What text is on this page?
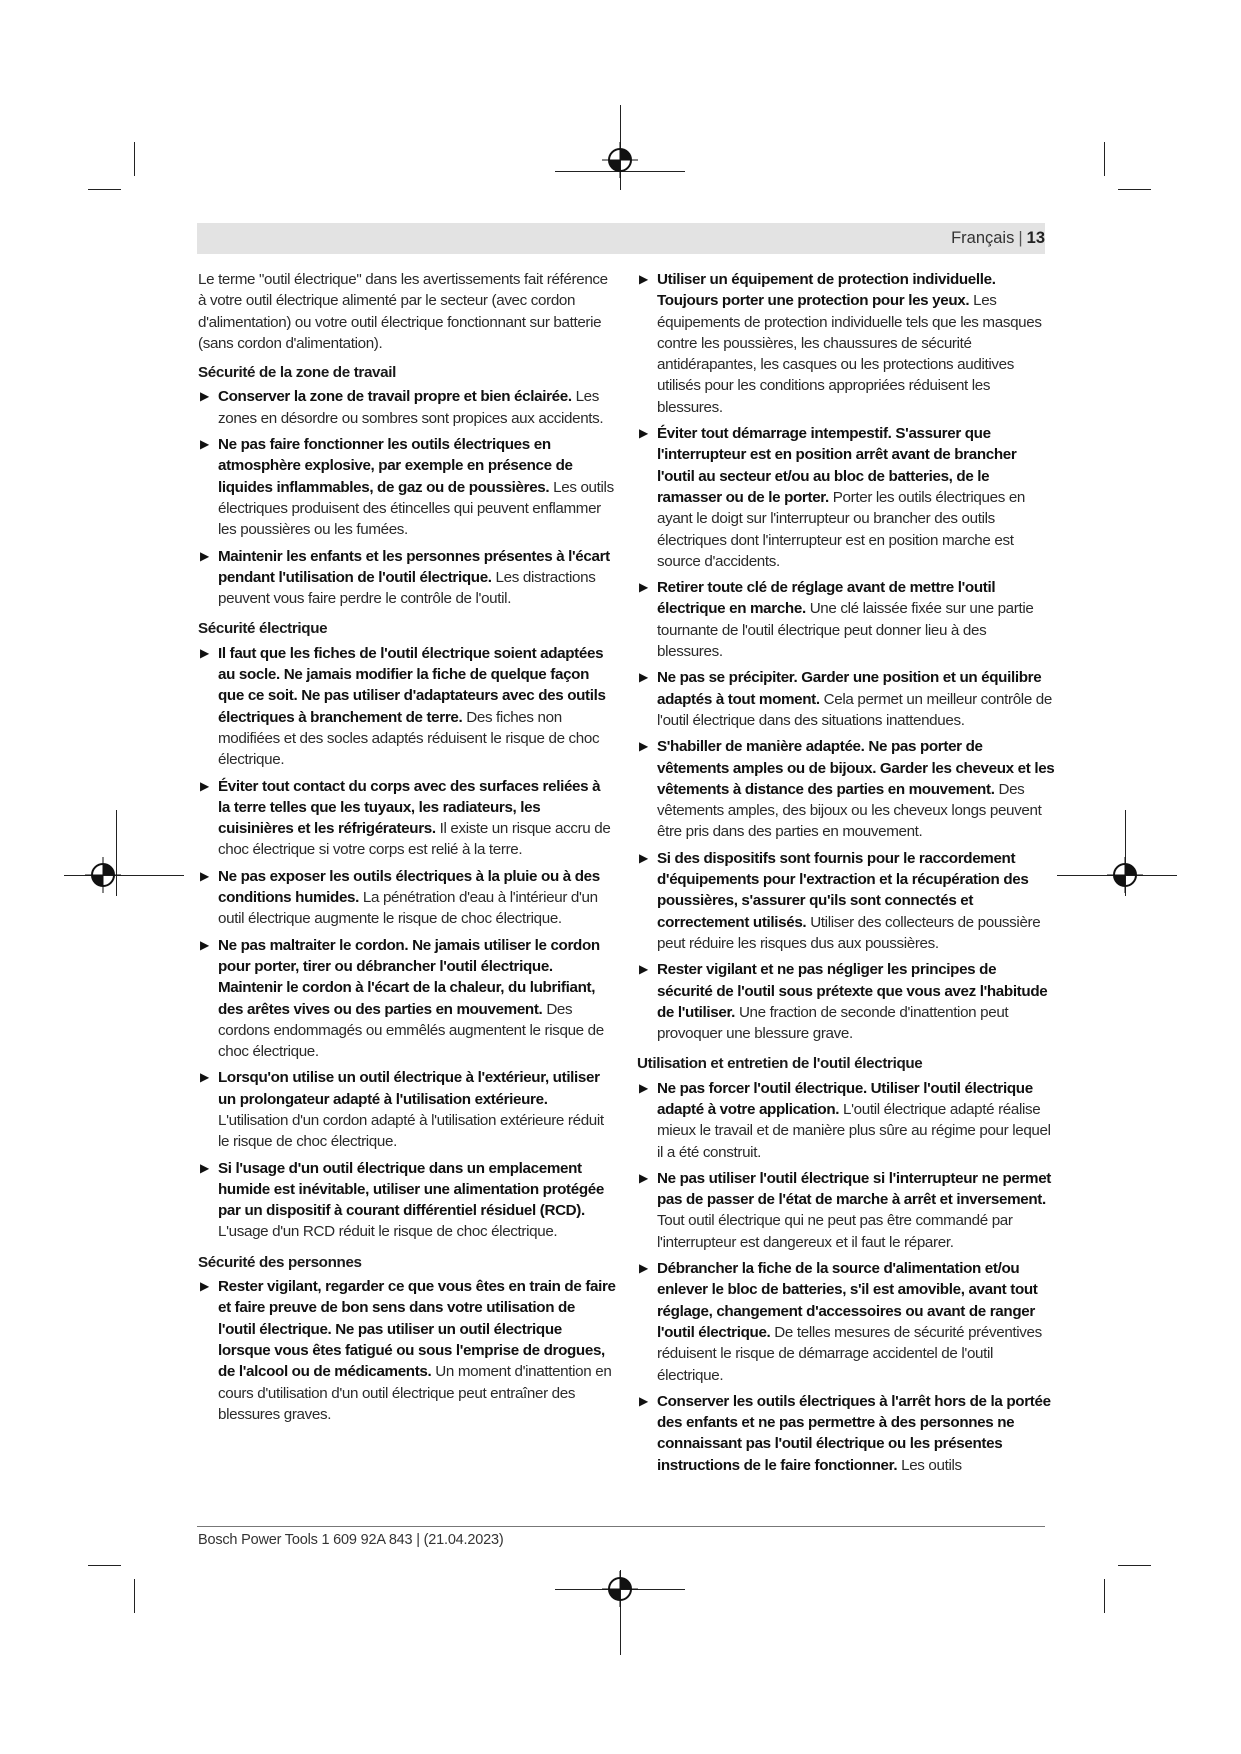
Français | 13

Le terme "outil électrique" dans les avertissements fait référence à votre outil électrique alimenté par le secteur (avec cordon d'alimentation) ou votre outil électrique fonctionnant sur batterie (sans cordon d'alimentation).

Sécurité de la zone de travail

▶ Conserver la zone de travail propre et bien éclairée. Les zones en désordre ou sombres sont propices aux accidents.

▶ Ne pas faire fonctionner les outils électriques en atmosphère explosive, par exemple en présence de liquides inflammables, de gaz ou de poussières. Les outils électriques produisent des étincelles qui peuvent enflammer les poussières ou les fumées.

▶ Maintenir les enfants et les personnes présentes à l'écart pendant l'utilisation de l'outil électrique. Les distractions peuvent vous faire perdre le contrôle de l'outil.

Sécurité électrique

▶ Il faut que les fiches de l'outil électrique soient adaptées au socle. Ne jamais modifier la fiche de quelque façon que ce soit. Ne pas utiliser d'adaptateurs avec des outils électriques à branchement de terre. Des fiches non modifiées et des socles adaptés réduisent le risque de choc électrique.

▶ Éviter tout contact du corps avec des surfaces reliées à la terre telles que les tuyaux, les radiateurs, les cuisinières et les réfrigérateurs. Il existe un risque accru de choc électrique si votre corps est relié à la terre.

▶ Ne pas exposer les outils électriques à la pluie ou à des conditions humides. La pénétration d'eau à l'intérieur d'un outil électrique augmente le risque de choc électrique.

▶ Ne pas maltraiter le cordon. Ne jamais utiliser le cordon pour porter, tirer ou débrancher l'outil électrique. Maintenir le cordon à l'écart de la chaleur, du lubrifiant, des arêtes vives ou des parties en mouvement. Des cordons endommagés ou emmêlés augmentent le risque de choc électrique.

▶ Lorsqu'on utilise un outil électrique à l'extérieur, utiliser un prolongateur adapté à l'utilisation extérieure. L'utilisation d'un cordon adapté à l'utilisation extérieure réduit le risque de choc électrique.

▶ Si l'usage d'un outil électrique dans un emplacement humide est inévitable, utiliser une alimentation protégée par un dispositif à courant différentiel résiduel (RCD). L'usage d'un RCD réduit le risque de choc électrique.

Sécurité des personnes

▶ Rester vigilant, regarder ce que vous êtes en train de faire et faire preuve de bon sens dans votre utilisation de l'outil électrique. Ne pas utiliser un outil électrique lorsque vous êtes fatigué ou sous l'emprise de drogues, de l'alcool ou de médicaments. Un moment d'inattention en cours d'utilisation d'un outil électrique peut entraîner des blessures graves.

▶ Utiliser un équipement de protection individuelle. Toujours porter une protection pour les yeux. Les équipements de protection individuelle tels que les masques contre les poussières, les chaussures de sécurité antidérapantes, les casques ou les protections auditives utilisés pour les conditions appropriées réduisent les blessures.

▶ Éviter tout démarrage intempestif. S'assurer que l'interrupteur est en position arrêt avant de brancher l'outil au secteur et/ou au bloc de batteries, de le ramasser ou de le porter. Porter les outils électriques en ayant le doigt sur l'interrupteur ou brancher des outils électriques dont l'interrupteur est en position marche est source d'accidents.

▶ Retirer toute clé de réglage avant de mettre l'outil électrique en marche. Une clé laissée fixée sur une partie tournante de l'outil électrique peut donner lieu à des blessures.

▶ Ne pas se précipiter. Garder une position et un équilibre adaptés à tout moment. Cela permet un meilleur contrôle de l'outil électrique dans des situations inattendues.

▶ S'habiller de manière adaptée. Ne pas porter de vêtements amples ou de bijoux. Garder les cheveux et les vêtements à distance des parties en mouvement. Des vêtements amples, des bijoux ou les cheveux longs peuvent être pris dans des parties en mouvement.

▶ Si des dispositifs sont fournis pour le raccordement d'équipements pour l'extraction et la récupération des poussières, s'assurer qu'ils sont connectés et correctement utilisés. Utiliser des collecteurs de poussière peut réduire les risques dus aux poussières.

▶ Rester vigilant et ne pas négliger les principes de sécurité de l'outil sous prétexte que vous avez l'habitude de l'utiliser. Une fraction de seconde d'inattention peut provoquer une blessure grave.

Utilisation et entretien de l'outil électrique

▶ Ne pas forcer l'outil électrique. Utiliser l'outil électrique adapté à votre application. L'outil électrique adapté réalise mieux le travail et de manière plus sûre au régime pour lequel il a été construit.

▶ Ne pas utiliser l'outil électrique si l'interrupteur ne permet pas de passer de l'état de marche à arrêt et inversement. Tout outil électrique qui ne peut pas être commandé par l'interrupteur est dangereux et il faut le réparer.

▶ Débrancher la fiche de la source d'alimentation et/ou enlever le bloc de batteries, s'il est amovible, avant tout réglage, changement d'accessoires ou avant de ranger l'outil électrique. De telles mesures de sécurité préventives réduisent le risque de démarrage accidentel de l'outil électrique.

▶ Conserver les outils électriques à l'arrêt hors de la portée des enfants et ne pas permettre à des personnes ne connaissant pas l'outil électrique ou les présentes instructions de le faire fonctionner. Les outils

Bosch Power Tools 1 609 92A 843 | (21.04.2023)
